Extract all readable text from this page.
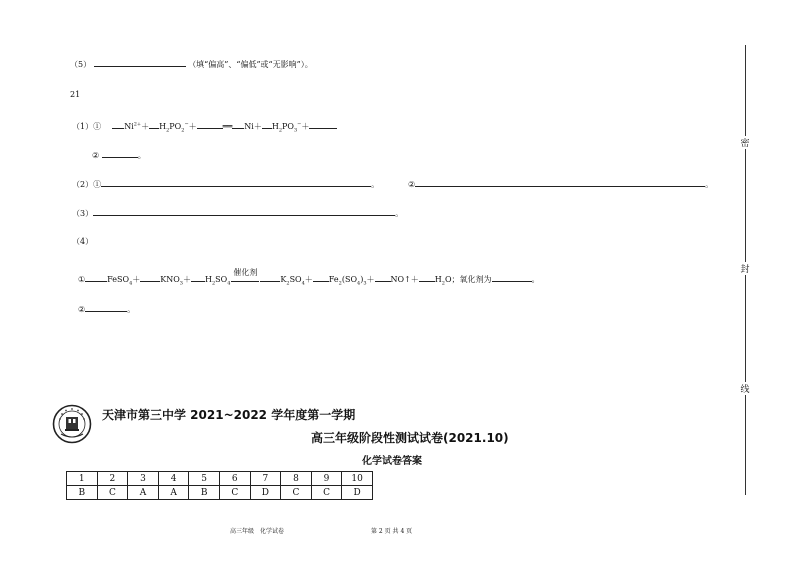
（5）	（填“偏高”、“偏低”或“无影响”）。
21
（1）①	$Ni^{2+}+ H_2PO_2^-+$	══ $Ni+ H_2PO_3^-+$
②	。
（2）①	。	②	。
（3）	。
（4）
①	FeSO$_4$＋	$KNO_3+ H_2SO_4$
催化剂
$K_2SO_4+ Fe_2(SO_4)_3+$ NO↑＋ $H_2O$；氧化剂为	。
②	。
密
封
线
天津市第三中学 2021~2022 学年度第一学期
高三年级阶段性测试试卷(2021.10)
化学试卷答案
1	2	3	4	5	6	7	8	9	10
B	C	A	A	B	C	D	C	C	D
高三年级　化学试卷	第 2 页 共 4 页
